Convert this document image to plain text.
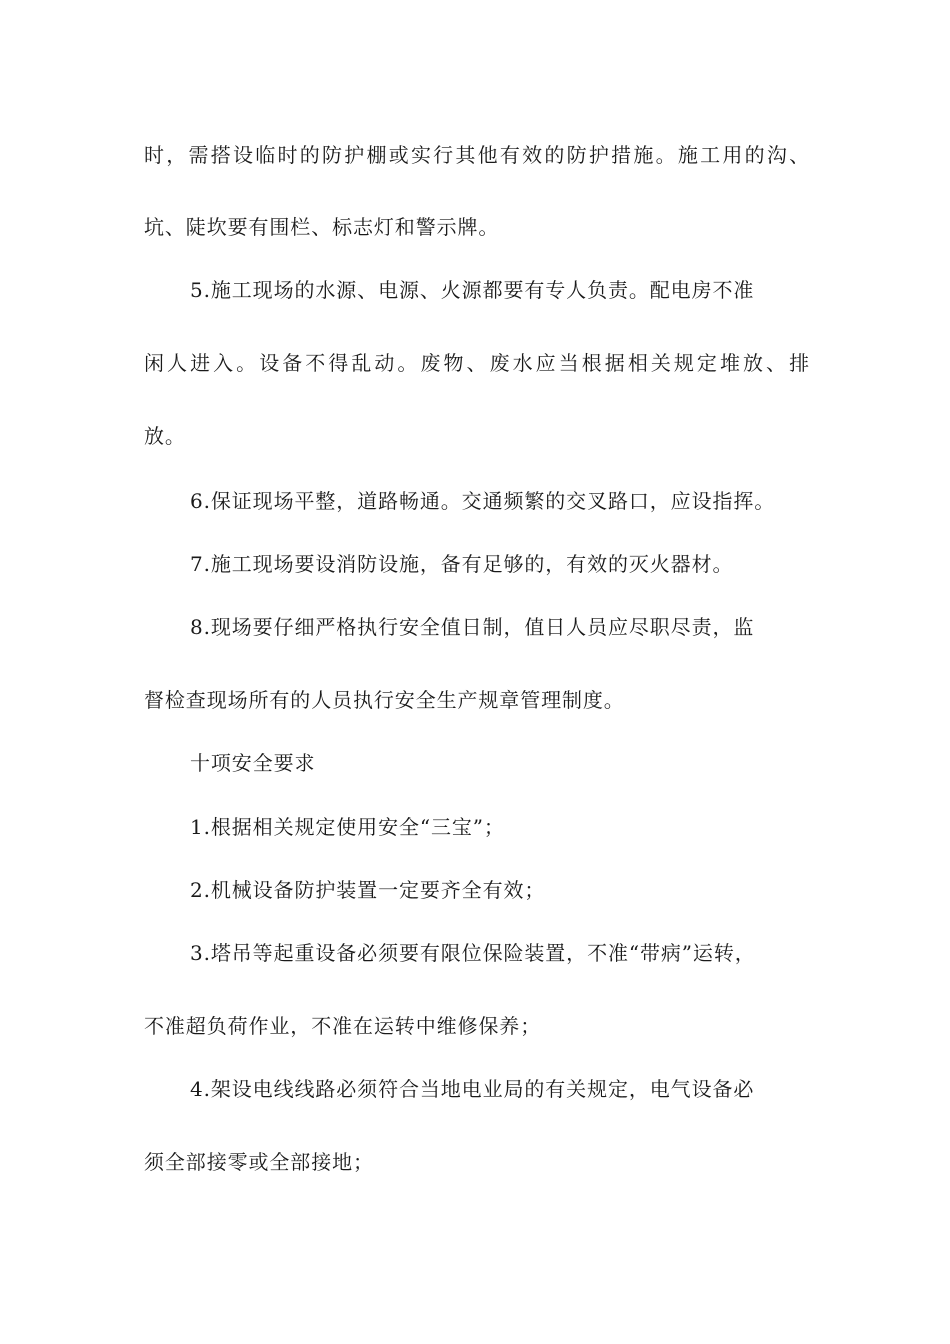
时，需搭设临时的防护棚或实行其他有效的防护措施。施工用的沟、
坑、陡坎要有围栏、标志灯和警示牌。
5.施工现场的水源、电源、火源都要有专人负责。配电房不准
闲人进入。设备不得乱动。废物、废水应当根据相关规定堆放、排
放。
6.保证现场平整，道路畅通。交通频繁的交叉路口，应设指挥。
7.施工现场要设消防设施，备有足够的，有效的灭火器材。
8.现场要仔细严格执行安全值日制，值日人员应尽职尽责，监
督检查现场所有的人员执行安全生产规章管理制度。
十项安全要求
1.根据相关规定使用安全“三宝”；
2.机械设备防护装置一定要齐全有效；
3.塔吊等起重设备必须要有限位保险装置，不准“带病”运转，
不准超负荷作业，不准在运转中维修保养；
4.架设电线线路必须符合当地电业局的有关规定，电气设备必
须全部接零或全部接地；
